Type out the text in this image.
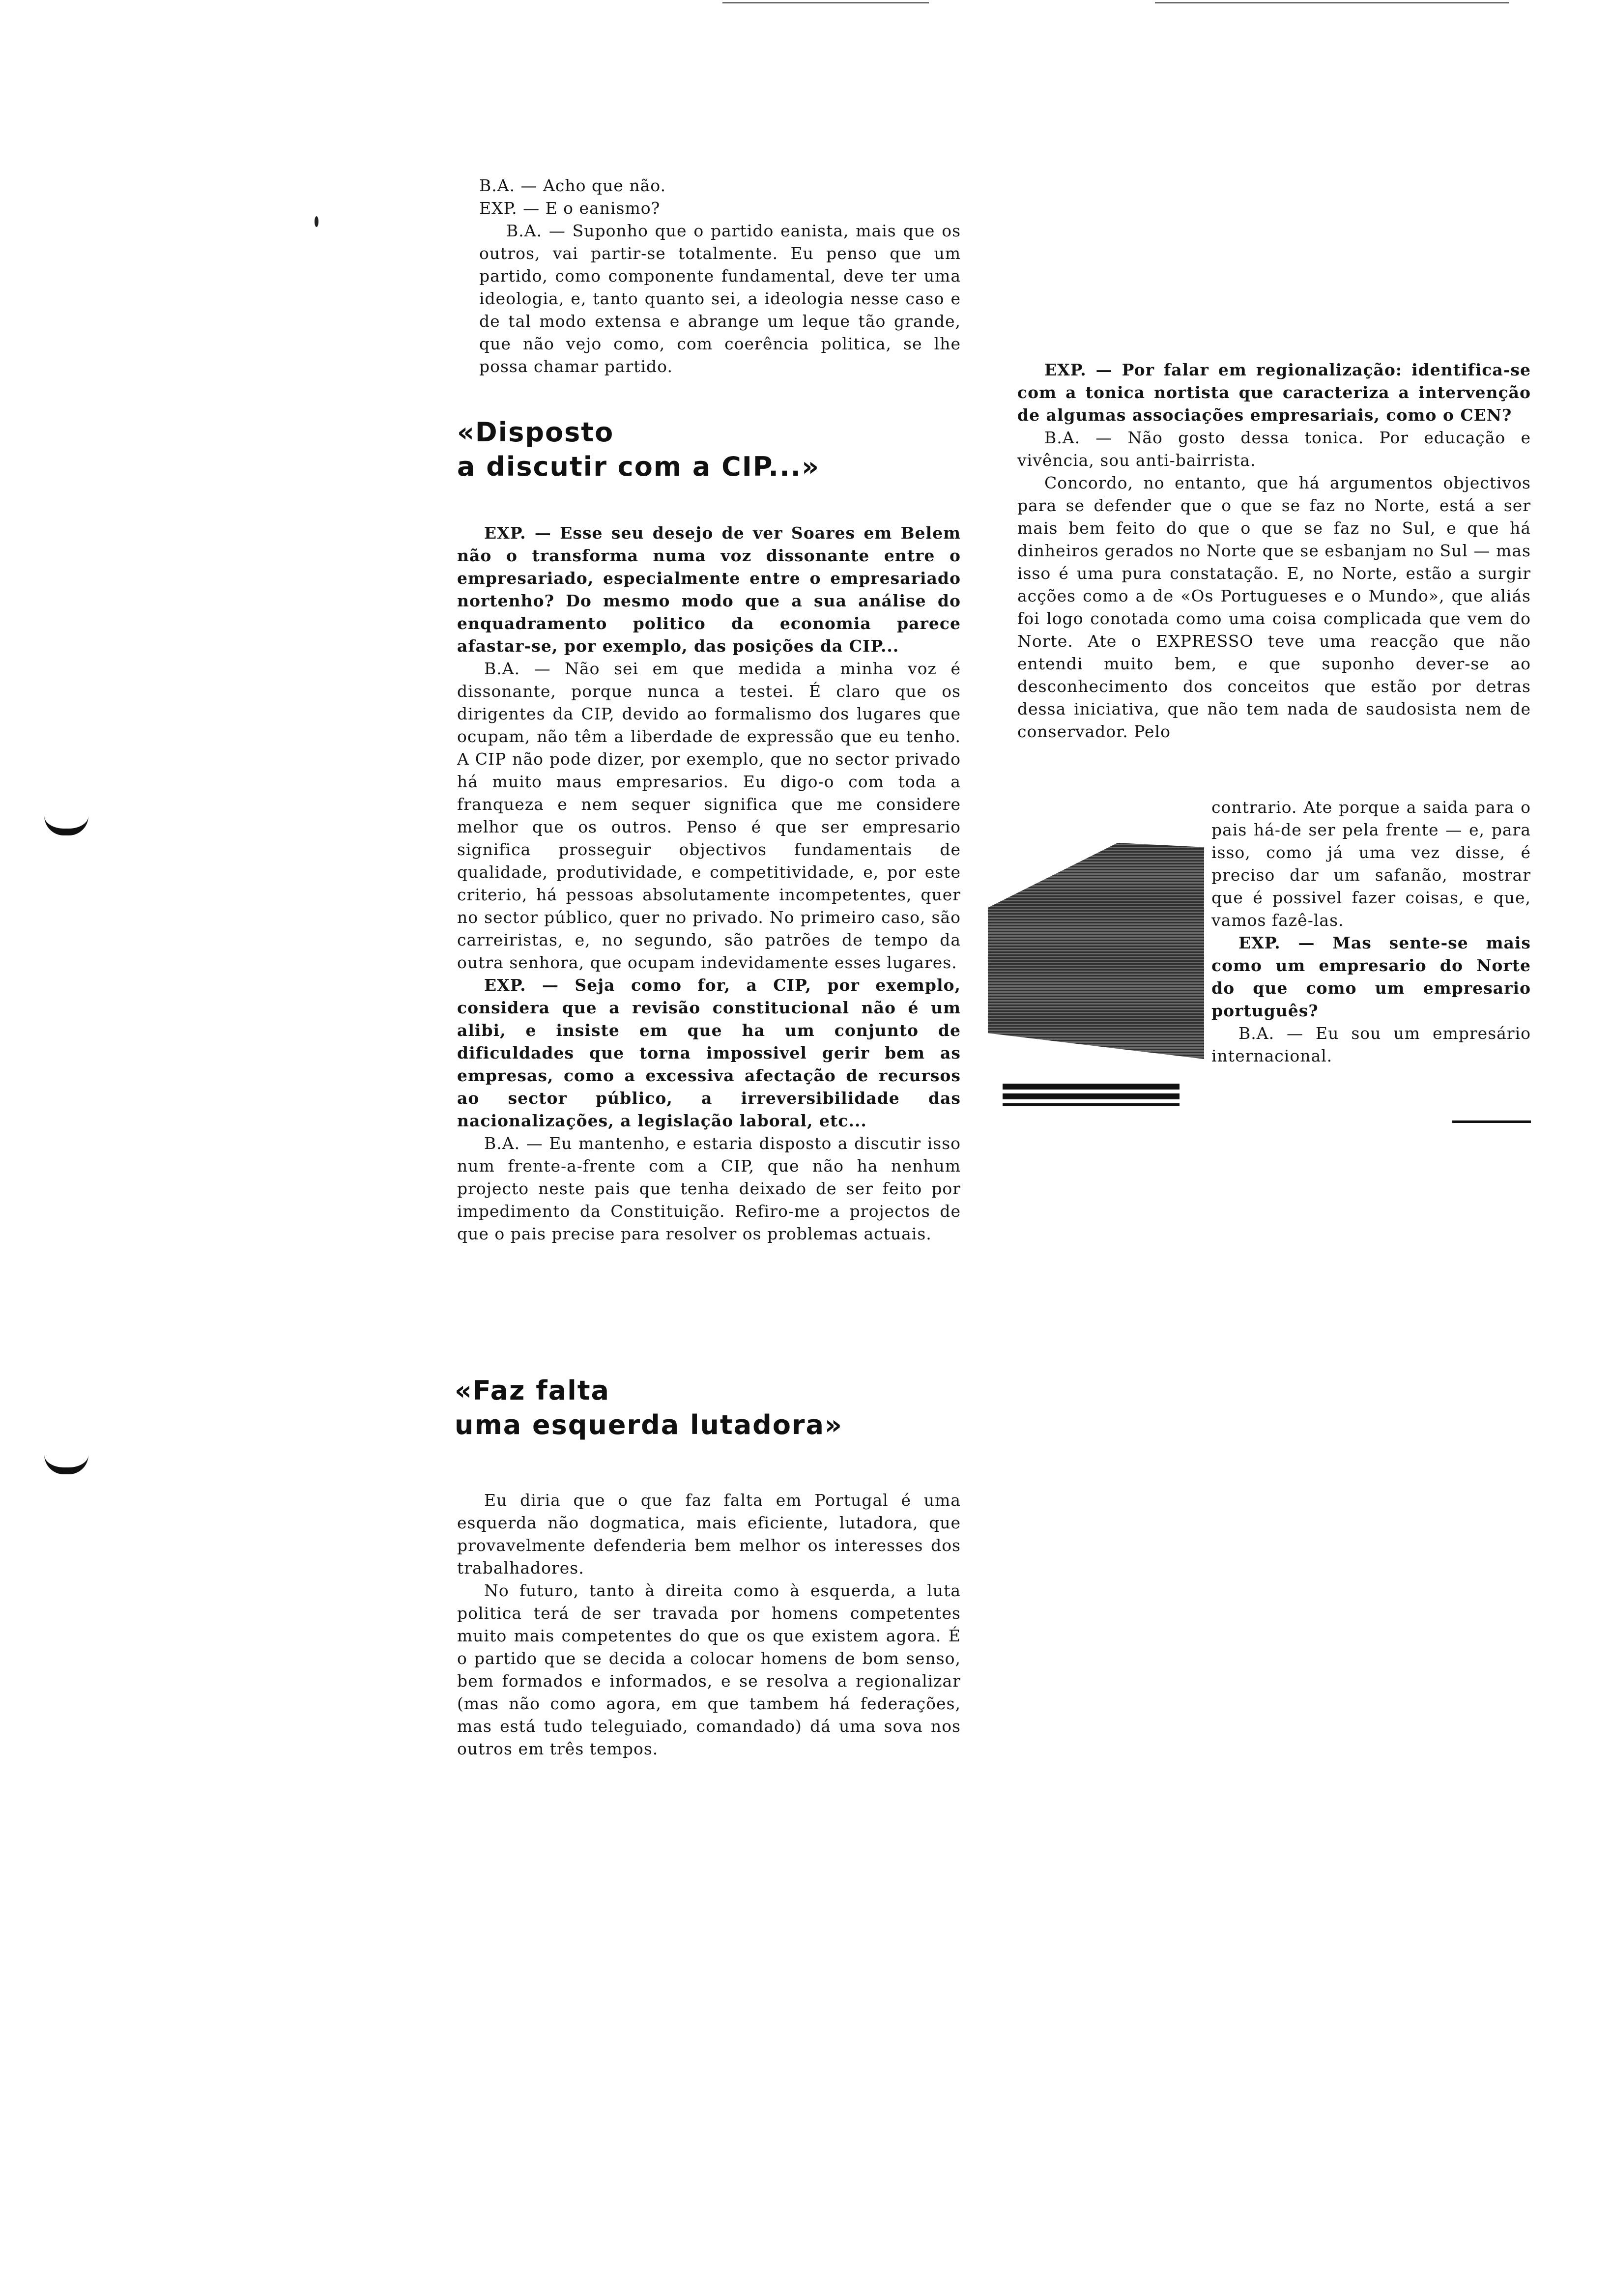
B.A. — Acho que não.

EXP. — E o eanismo?

B.A. — Suponho que o partido eanista, mais que os outros, vai partir-se totalmente. Eu penso que um partido, como componente fundamental, deve ter uma ideologia, e, tanto quanto sei, a ideologia nesse caso e de tal modo extensa e abrange um leque tão grande, que não vejo como, com coerência politica, se lhe possa chamar partido.

«Disposto
a discutir com a CIP...»

EXP. — Esse seu desejo de ver Soares em Belem não o transforma numa voz dissonante entre o empresariado, especialmente entre o empresariado nortenho? Do mesmo modo que a sua análise do enquadramento politico da economia parece afastar-se, por exemplo, das posições da CIP...

B.A. — Não sei em que medida a minha voz é dissonante, porque nunca a testei. É claro que os dirigentes da CIP, devido ao formalismo dos lugares que ocupam, não têm a liberdade de expressão que eu tenho. A CIP não pode dizer, por exemplo, que no sector privado há muito maus empresarios. Eu digo-o com toda a franqueza e nem sequer significa que me considere melhor que os outros. Penso é que ser empresario significa prosseguir objectivos fundamentais de qualidade, produtividade, e competitividade, e, por este criterio, há pessoas absolutamente incompetentes, quer no sector público, quer no privado. No primeiro caso, são carreiristas, e, no segundo, são patrões de tempo da outra senhora, que ocupam indevidamente esses lugares.

EXP. — Seja como for, a CIP, por exemplo, considera que a revisão constitucional não é um alibi, e insiste em que ha um conjunto de dificuldades que torna impossivel gerir bem as empresas, como a excessiva afectação de recursos ao sector público, a irreversibilidade das nacionalizações, a legislação laboral, etc...

B.A. — Eu mantenho, e estaria disposto a discutir isso num frente-a-frente com a CIP, que não ha nenhum projecto neste pais que tenha deixado de ser feito por impedimento da Constituição. Refiro-me a projectos de que o pais precise para resolver os problemas actuais.

«Faz falta
uma esquerda lutadora»

Eu diria que o que faz falta em Portugal é uma esquerda não dogmatica, mais eficiente, lutadora, que provavelmente defenderia bem melhor os interesses dos trabalhadores.

No futuro, tanto à direita como à esquerda, a luta politica terá de ser travada por homens competentes muito mais competentes do que os que existem agora. É o partido que se decida a colocar homens de bom senso, bem formados e informados, e se resolva a regionalizar (mas não como agora, em que tambem há federações, mas está tudo teleguiado, comandado) dá uma sova nos outros em três tempos.

EXP. — Por falar em regionalização: identifica-se com a tonica nortista que caracteriza a intervenção de algumas associações empresariais, como o CEN?

B.A. — Não gosto dessa tonica. Por educação e vivência, sou anti-bairrista.

Concordo, no entanto, que há argumentos objectivos para se defender que o que se faz no Norte, está a ser mais bem feito do que o que se faz no Sul, e que há dinheiros gerados no Norte que se esbanjam no Sul — mas isso é uma pura constatação. E, no Norte, estão a surgir acções como a de «Os Portugueses e o Mundo», que aliás foi logo conotada como uma coisa complicada que vem do Norte. Ate o EXPRESSO teve uma reacção que não entendi muito bem, e que suponho dever-se ao desconhecimento dos conceitos que estão por detras dessa iniciativa, que não tem nada de saudosista nem de conservador. Pelo

contrario. Ate porque a saida para o pais há-de ser pela frente — e, para isso, como já uma vez disse, é preciso dar um safanão, mostrar que é possivel fazer coisas, e que, vamos fazê-las.

EXP. — Mas sente-se mais como um empresario do Norte do que como um empresario português?

B.A. — Eu sou um empresário internacional.
